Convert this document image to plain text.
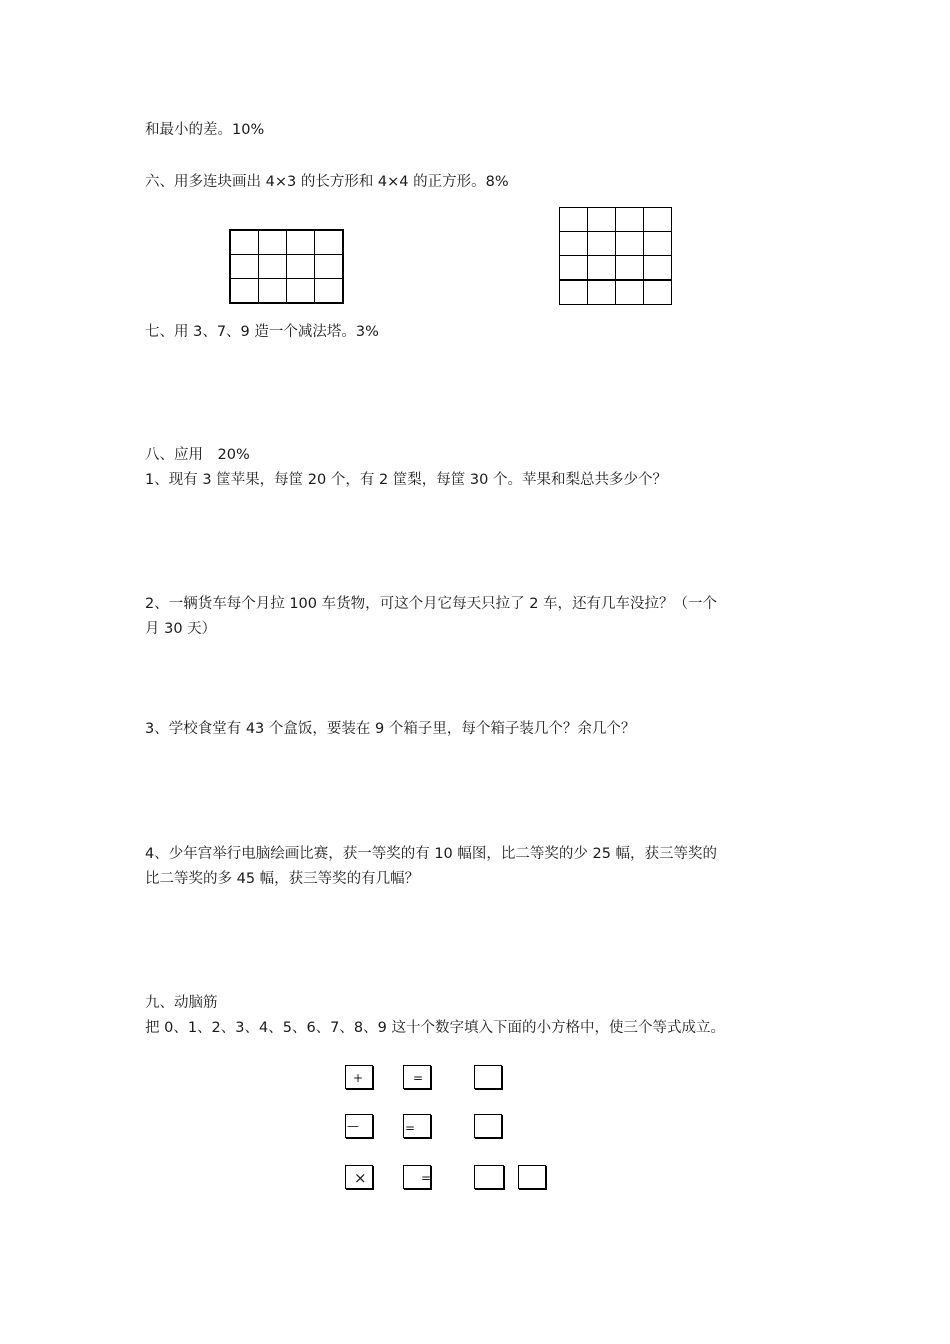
和最小的差。10%
六、用多连块画出 4×3 的长方形和 4×4 的正方形。8%

七、用 3、7、9 造一个减法塔。3%
八、应用　20%
1、现有 3 筐苹果，每筐 20 个，有 2 筐梨，每筐 30 个。苹果和梨总共多少个？
2、一辆货车每个月拉 100 车货物，可这个月它每天只拉了 2 车，还有几车没拉？（一个
月 30 天）
3、学校食堂有 43 个盒饭，要装在 9 个箱子里，每个箱子装几个？余几个？
4、少年宫举行电脑绘画比赛，获一等奖的有 10 幅图，比二等奖的少 25 幅，获三等奖的
比二等奖的多 45 幅，获三等奖的有几幅？
九、动脑筋
把 0、1、2、3、4、5、6、7、8、9 这十个数字填入下面的小方格中，使三个等式成立。
+	=
—	=
×	=
